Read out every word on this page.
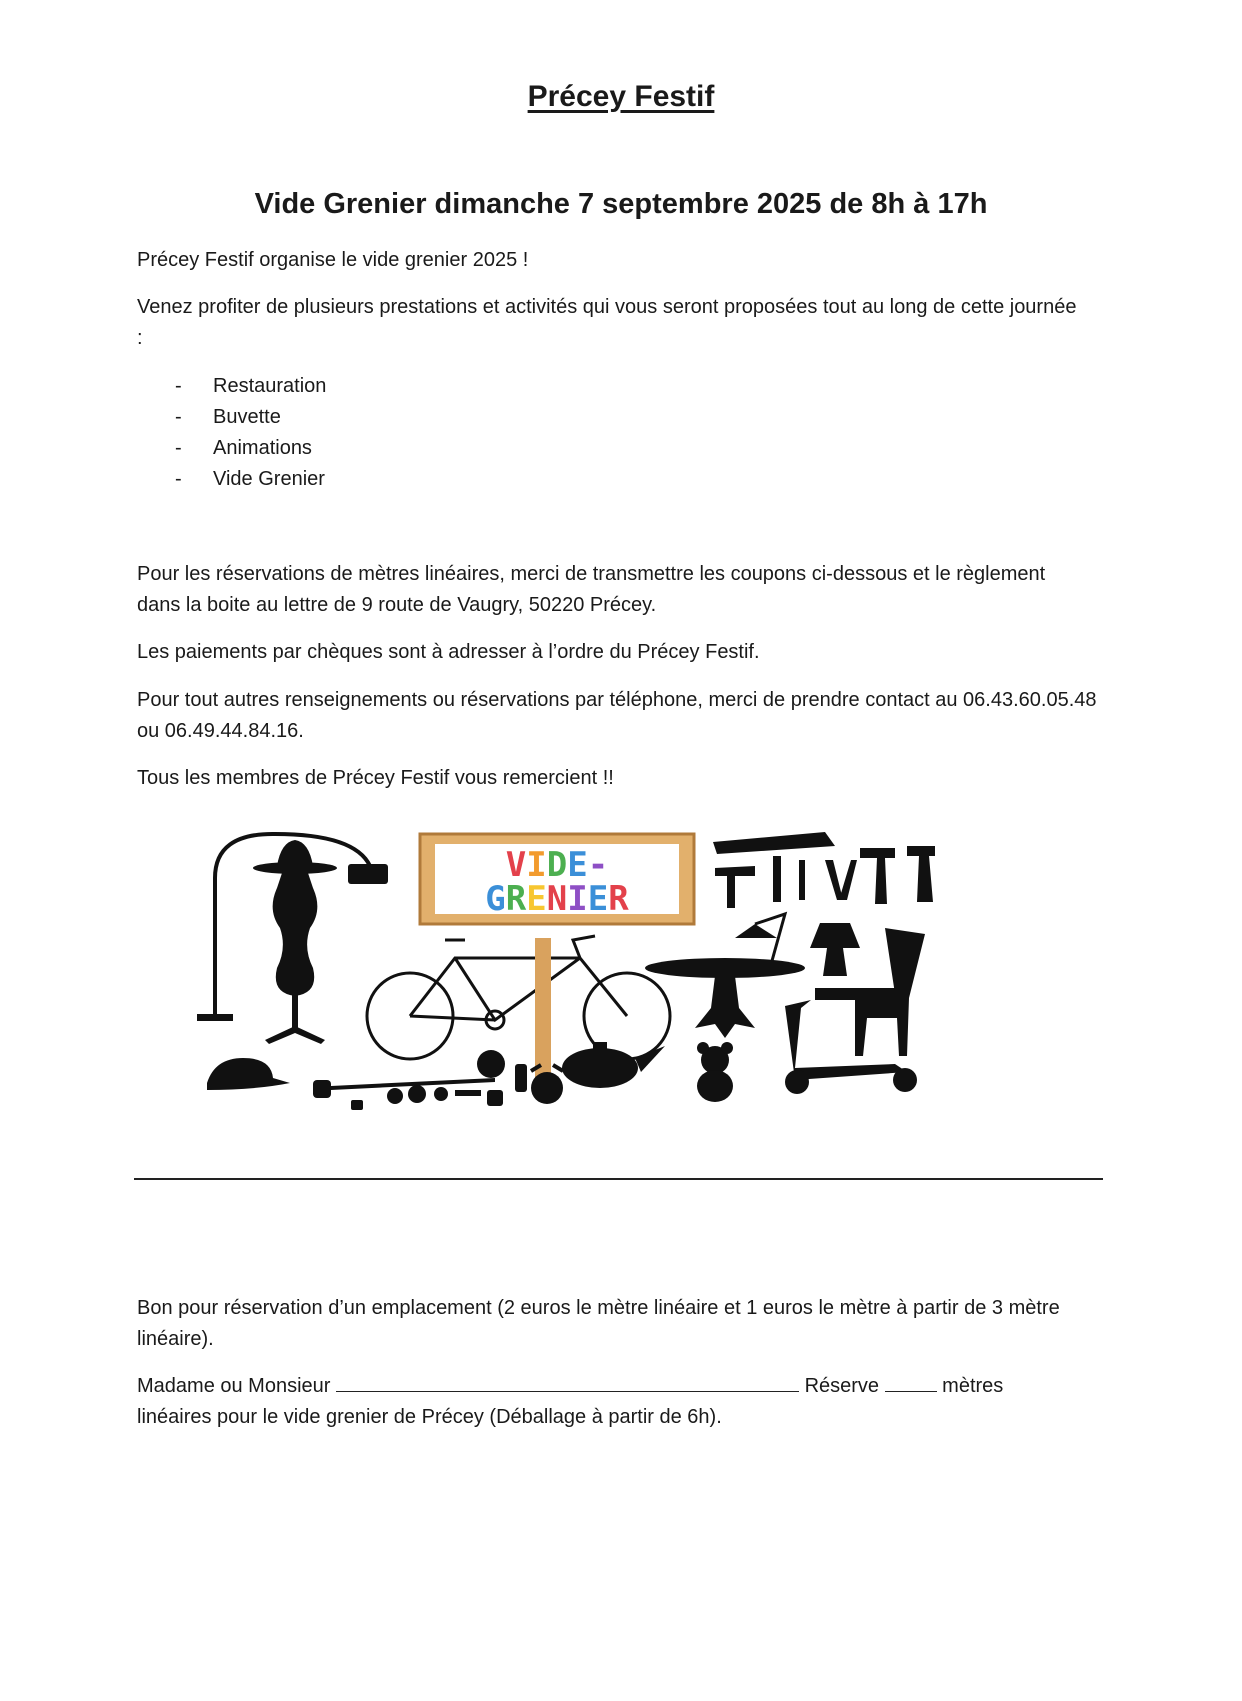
Précey Festif
Vide Grenier dimanche 7 septembre 2025 de 8h à 17h
Précey Festif organise le vide grenier 2025 !
Venez profiter de plusieurs prestations et activités qui vous seront proposées tout au long de cette journée :
- Restauration
- Buvette
- Animations
- Vide Grenier
Pour les réservations de mètres linéaires, merci de transmettre les coupons ci-dessous et le règlement dans la boite au lettre de 9 route de Vaugry, 50220 Précey.
Les paiements par chèques sont à adresser à l’ordre du Précey Festif.
Pour tout autres renseignements ou réservations par téléphone, merci de prendre contact au 06.43.60.05.48 ou 06.49.44.84.16.
Tous les membres de Précey Festif vous remercient !!
VIDE-
GRENIER
Bon pour réservation d’un emplacement (2 euros le mètre linéaire et 1 euros le mètre à partir de 3 mètre linéaire).
Madame ou Monsieur	Réserve	mètres
linéaires pour le vide grenier de Précey (Déballage à partir de 6h).
